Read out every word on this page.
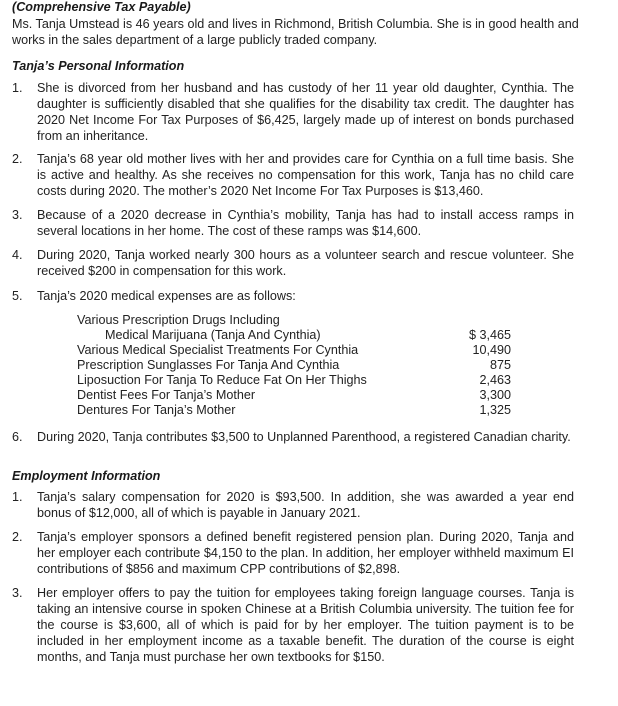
(Comprehensive Tax Payable)
Ms. Tanja Umstead is 46 years old and lives in Richmond, British Columbia. She is in good health and works in the sales department of a large publicly traded company.
Tanja’s Personal Information
1.	She is divorced from her husband and has custody of her 11 year old daughter, Cynthia. The daughter is sufficiently disabled that she qualifies for the disability tax credit. The daughter has 2020 Net Income For Tax Purposes of $6,425, largely made up of interest on bonds purchased from an inheritance.
2.	Tanja’s 68 year old mother lives with her and provides care for Cynthia on a full time basis. She is active and healthy. As she receives no compensation for this work, Tanja has no child care costs during 2020. The mother’s 2020 Net Income For Tax Purposes is $13,460.
3.	Because of a 2020 decrease in Cynthia’s mobility, Tanja has had to install access ramps in several locations in her home. The cost of these ramps was $14,600.
4.	During 2020, Tanja worked nearly 300 hours as a volunteer search and rescue volunteer. She received $200 in compensation for this work.
5.	Tanja’s 2020 medical expenses are as follows:
Various Prescription Drugs Including
Medical Marijuana (Tanja And Cynthia)	$ 3,465
Various Medical Specialist Treatments For Cynthia	10,490
Prescription Sunglasses For Tanja And Cynthia	875
Liposuction For Tanja To Reduce Fat On Her Thighs	2,463
Dentist Fees For Tanja’s Mother	3,300
Dentures For Tanja’s Mother	1,325
6.	During 2020, Tanja contributes $3,500 to Unplanned Parenthood, a registered Canadian charity.
Employment Information
1.	Tanja’s salary compensation for 2020 is $93,500. In addition, she was awarded a year end bonus of $12,000, all of which is payable in January 2021.
2.	Tanja’s employer sponsors a defined benefit registered pension plan. During 2020, Tanja and her employer each contribute $4,150 to the plan. In addition, her employer withheld maximum EI contributions of $856 and maximum CPP contributions of $2,898.
3.	Her employer offers to pay the tuition for employees taking foreign language courses. Tanja is taking an intensive course in spoken Chinese at a British Columbia university. The tuition fee for the course is $3,600, all of which is paid for by her employer. The tuition payment is to be included in her employment income as a taxable benefit. The duration of the course is eight months, and Tanja must purchase her own textbooks for $150.
